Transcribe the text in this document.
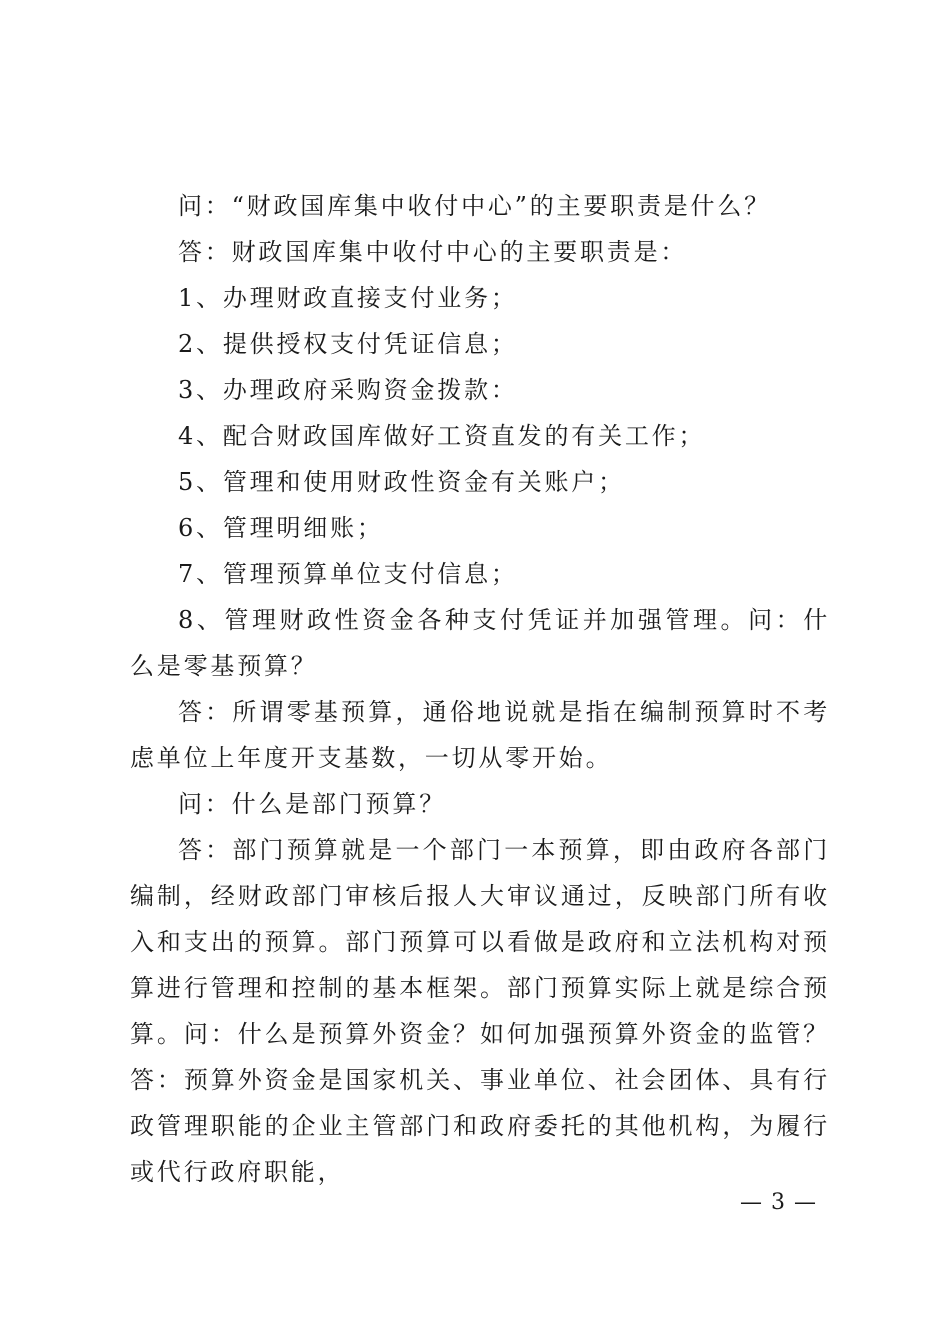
问：“财政国库集中收付中心”的主要职责是什么？

答：财政国库集中收付中心的主要职责是：

1、办理财政直接支付业务；

2、提供授权支付凭证信息；

3、办理政府采购资金拨款：

4、配合财政国库做好工资直发的有关工作；

5、管理和使用财政性资金有关账户；

6、管理明细账；

7、管理预算单位支付信息；

8、管理财政性资金各种支付凭证并加强管理。问：什么是零基预算？

答：所谓零基预算，通俗地说就是指在编制预算时不考虑单位上年度开支基数，一切从零开始。

问：什么是部门预算？

答：部门预算就是一个部门一本预算，即由政府各部门编制，经财政部门审核后报人大审议通过，反映部门所有收入和支出的预算。部门预算可以看做是政府和立法机构对预算进行管理和控制的基本框架。部门预算实际上就是综合预算。问：什么是预算外资金？如何加强预算外资金的监管？答：预算外资金是国家机关、事业单位、社会团体、具有行政管理职能的企业主管部门和政府委托的其他机构，为履行或代行政府职能，

— 3 —
